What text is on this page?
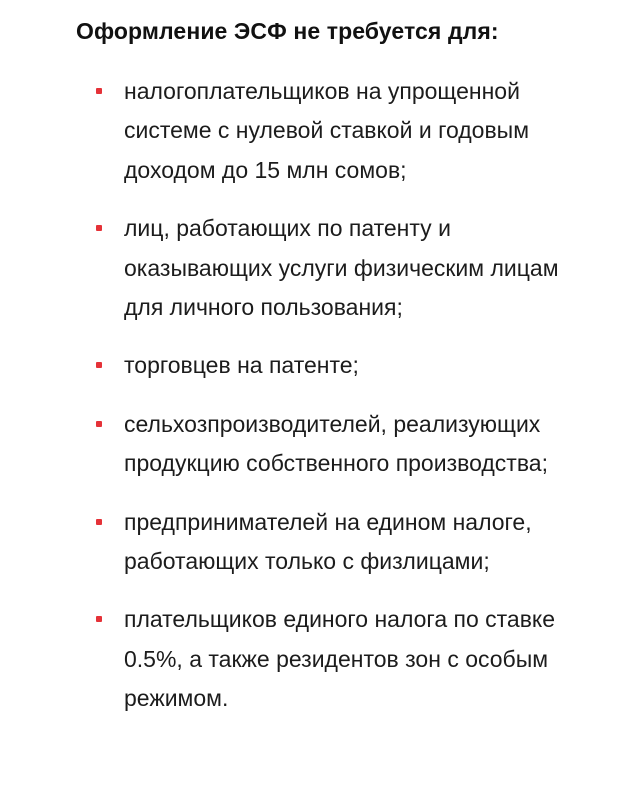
Оформление ЭСФ не требуется для:
налогоплательщиков на упрощенной системе с нулевой ставкой и годовым доходом до 15 млн сомов;
лиц, работающих по патенту и оказывающих услуги физическим лицам для личного пользования;
торговцев на патенте;
сельхозпроизводителей, реализующих продукцию собственного производства;
предпринимателей на едином налоге, работающих только с физлицами;
плательщиков единого налога по ставке 0.5%, а также резидентов зон с особым режимом.
